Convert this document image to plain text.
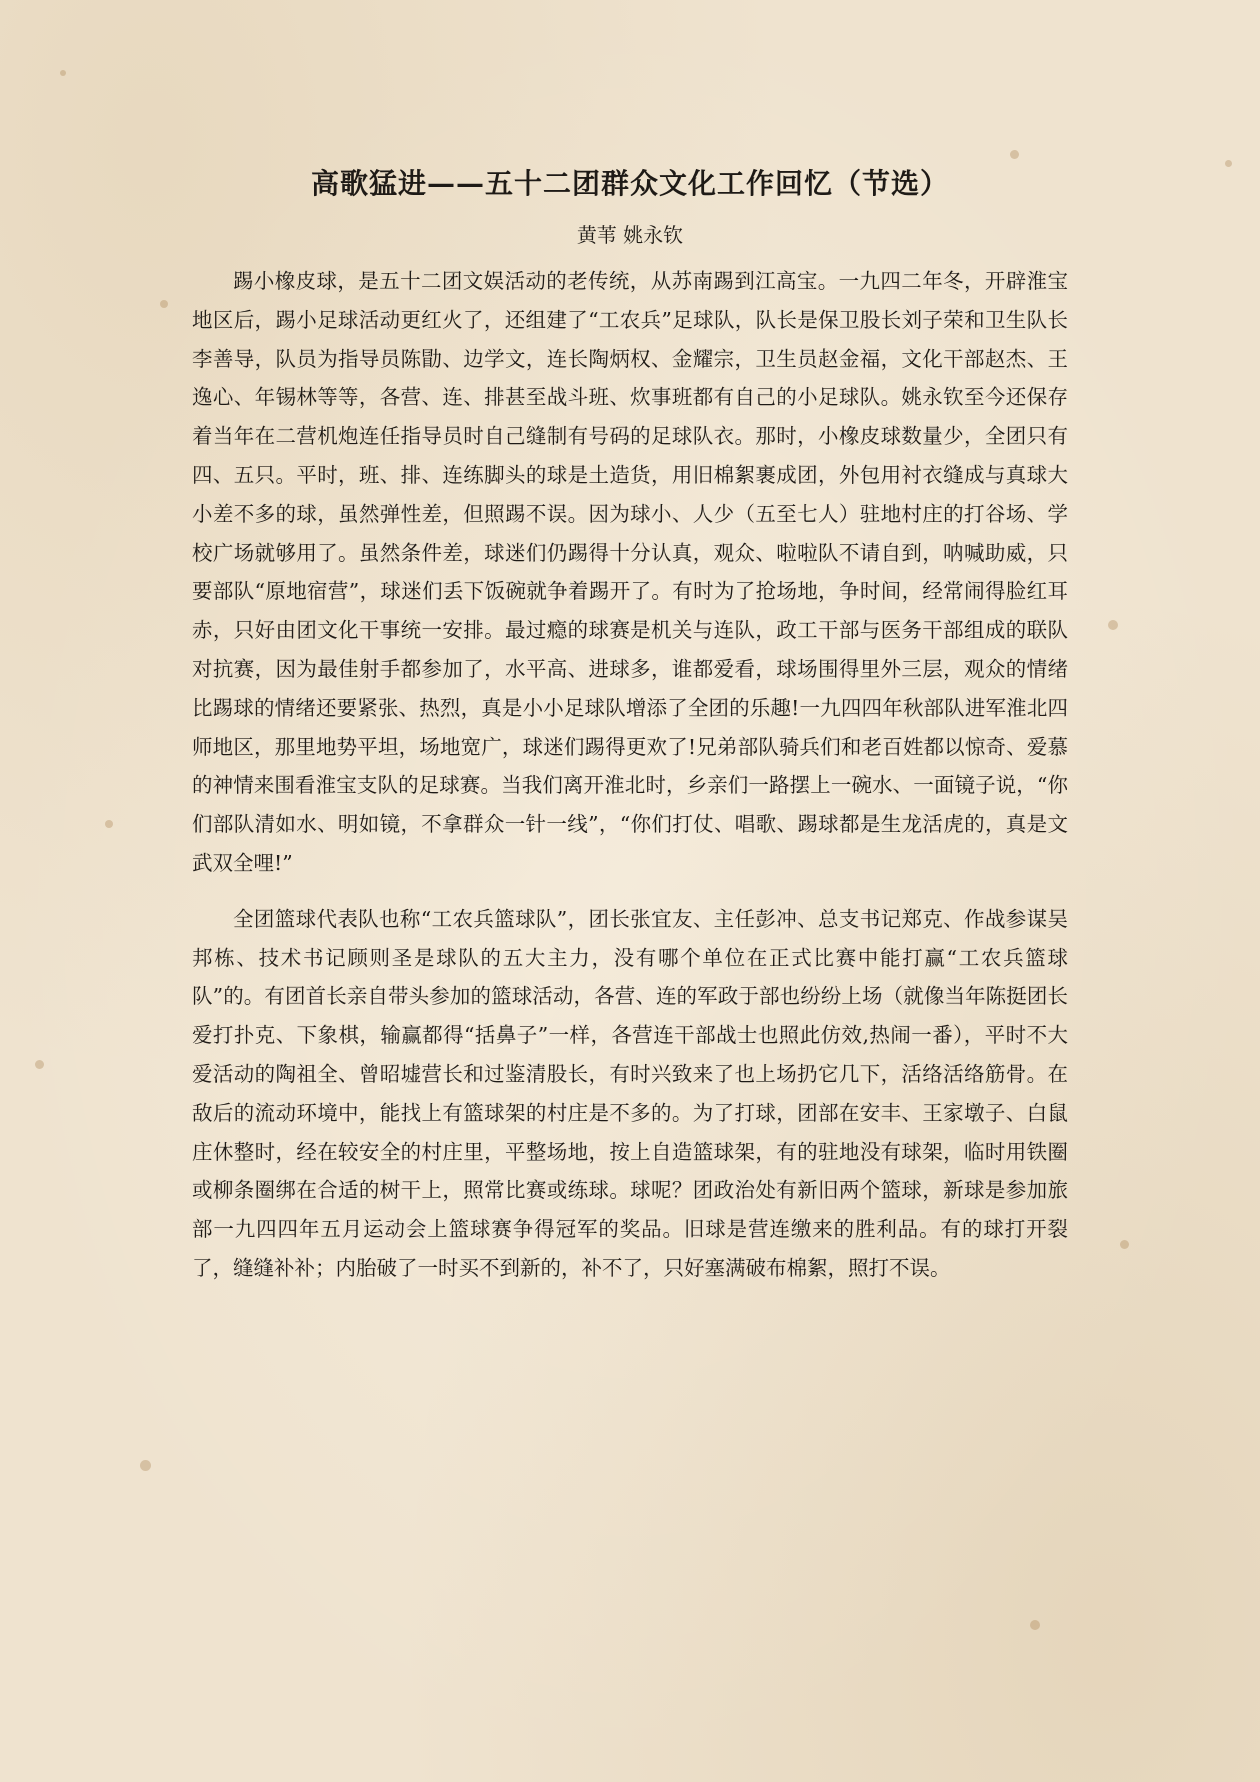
高歌猛进——五十二团群众文化工作回忆（节选）
黄苇 姚永钦

踢小橡皮球，是五十二团文娱活动的老传统，从苏南踢到江高宝。一九四二年冬，开辟淮宝地区后，踢小足球活动更红火了，还组建了“工农兵”足球队，队长是保卫股长刘子荣和卫生队长李善导，队员为指导员陈勖、边学文，连长陶炳权、金耀宗，卫生员赵金福，文化干部赵杰、王逸心、年锡林等等，各营、连、排甚至战斗班、炊事班都有自己的小足球队。姚永钦至今还保存着当年在二营机炮连任指导员时自己缝制有号码的足球队衣。那时，小橡皮球数量少，全团只有四、五只。平时，班、排、连练脚头的球是土造货，用旧棉絮裹成团，外包用衬衣缝成与真球大小差不多的球，虽然弹性差，但照踢不误。因为球小、人少（五至七人）驻地村庄的打谷场、学校广场就够用了。虽然条件差，球迷们仍踢得十分认真，观众、啦啦队不请自到，呐喊助威，只要部队“原地宿营”，球迷们丢下饭碗就争着踢开了。有时为了抢场地，争时间，经常闹得脸红耳赤，只好由团文化干事统一安排。最过瘾的球赛是机关与连队，政工干部与医务干部组成的联队对抗赛，因为最佳射手都参加了，水平高、进球多，谁都爱看，球场围得里外三层，观众的情绪比踢球的情绪还要紧张、热烈，真是小小足球队增添了全团的乐趣!一九四四年秋部队进军淮北四师地区，那里地势平坦，场地宽广，球迷们踢得更欢了!兄弟部队骑兵们和老百姓都以惊奇、爱慕的神情来围看淮宝支队的足球赛。当我们离开淮北时，乡亲们一路摆上一碗水、一面镜子说，“你们部队清如水、明如镜，不拿群众一针一线”，“你们打仗、唱歌、踢球都是生龙活虎的，真是文武双全哩!”

全团篮球代表队也称“工农兵篮球队”，团长张宜友、主任彭冲、总支书记郑克、作战参谋吴邦栋、技术书记顾则圣是球队的五大主力，没有哪个单位在正式比赛中能打赢“工农兵篮球队”的。有团首长亲自带头参加的篮球活动，各营、连的军政于部也纷纷上场（就像当年陈挺团长爱打扑克、下象棋，输赢都得“括鼻子”一样，各营连干部战士也照此仿效,热闹一番），平时不大爱活动的陶祖全、曾昭墟营长和过鉴清股长，有时兴致来了也上场扔它几下，活络活络筋骨。在敌后的流动环境中，能找上有篮球架的村庄是不多的。为了打球，团部在安丰、王家墩子、白鼠庄休整时，经在较安全的村庄里，平整场地，按上自造篮球架，有的驻地没有球架，临时用铁圈或柳条圈绑在合适的树干上，照常比赛或练球。球呢？团政治处有新旧两个篮球，新球是参加旅部一九四四年五月运动会上篮球赛争得冠军的奖品。旧球是营连缴来的胜利品。有的球打开裂了，缝缝补补；内胎破了一时买不到新的，补不了，只好塞满破布棉絮，照打不误。
